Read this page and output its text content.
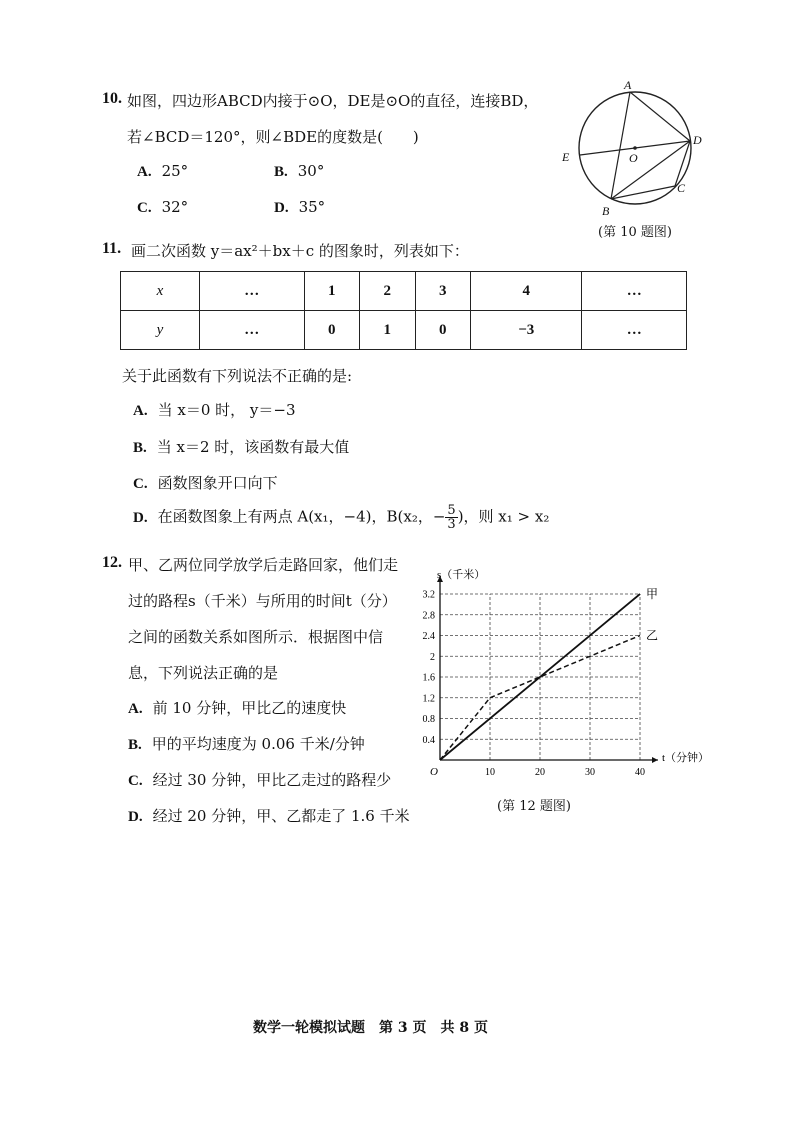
10. 如图，四边形ABCD内接于⊙O，DE是⊙O的直径，连接BD，
若∠BCD＝120°，则∠BDE的度数是(　　)
A. 25°	B. 30°
C. 32°	D. 35°
A
D
E	O
C
B
(第 10 题图)
11. 画二次函数 y＝ax²＋bx＋c 的图象时，列表如下：
x	…	1	2	3	4	…
y	…	0	1	0	−3	…
关于此函数有下列说法不正确的是:
A. 当 x＝0 时， y＝−3
B. 当 x＝2 时，该函数有最大值
C. 函数图象开口向下
D. 在函数图象上有两点 A(x₁，−4)，B(x₂，− $\frac{5}{3}$ )，则 x₁ > x₂
12. 甲、乙两位同学放学后走路回家，他们走
过的路程s（千米）与所用的时间t（分）
之间的函数关系如图所示．根据图中信
息，下列说法正确的是
A. 前 10 分钟，甲比乙的速度快
B. 甲的平均速度为 0.06 千米/分钟
C. 经过 30 分钟，甲比乙走过的路程少
D. 经过 20 分钟，甲、乙都走了 1.6 千米
0.4
0.8
1.2
1.6
2
2.4
2.8
3.2
10	20	30	40
O
s（千米）
t（分钟）
甲
乙
(第 12 题图)
数学一轮模拟试题　第 3 页　共 8 页
